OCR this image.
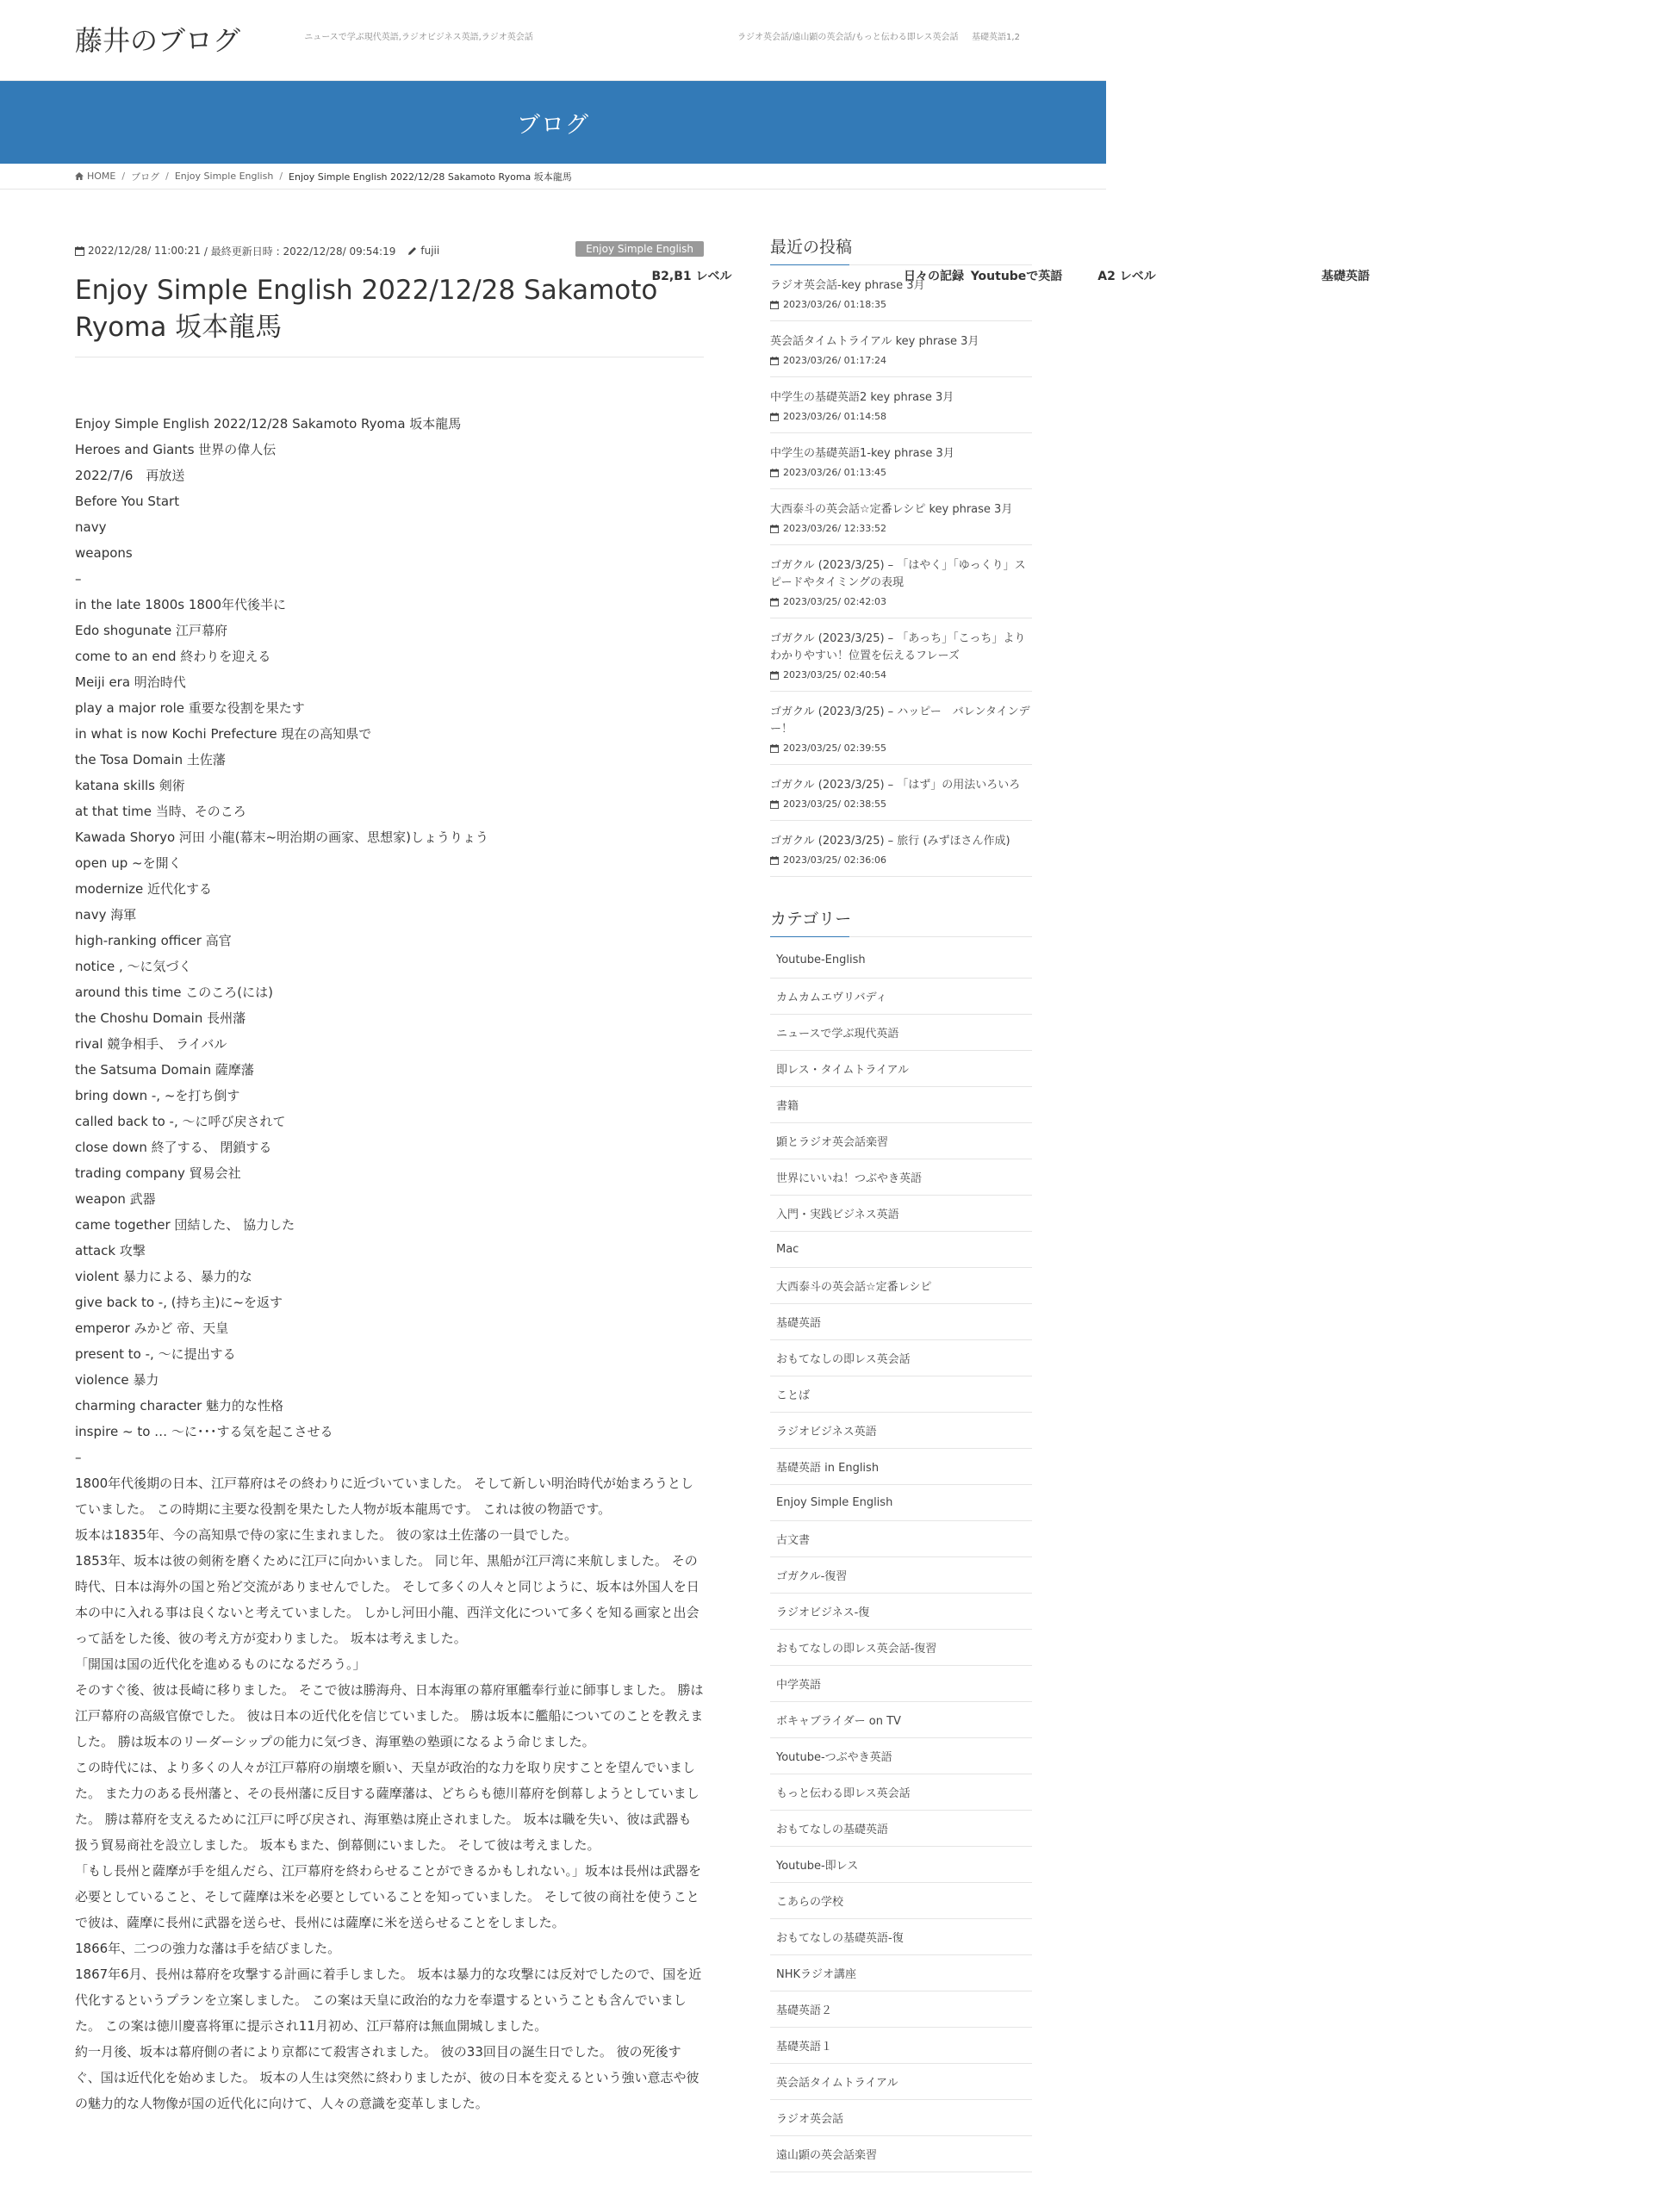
藤井のブログ
B2,B1 レベル
ニュースで学ぶ現代英語,ラジオビジネス英語,ラジオ英会話
日々の記録 Youtubeで英語	A2 レベル
ラジオ英会話/遠山顕の英会話/もっと伝わる即レス英会話
基礎英語
基礎英語1,2
ブログ
HOME / ブログ / Enjoy Simple English / Enjoy Simple English 2022/12/28 Sakamoto Ryoma 坂本龍馬
2022/12/28/ 11:00:21 / 最終更新日時 : 2022/12/28/ 09:54:19 fujii	Enjoy Simple English
Enjoy Simple English 2022/12/28 Sakamoto Ryoma 坂本龍馬
Enjoy Simple English 2022/12/28 Sakamoto Ryoma 坂本龍馬
Heroes and Giants 世界の偉人伝
2022/7/6　再放送
Before You Start
navy
weapons
–
in the late 1800s 1800年代後半に
Edo shogunate 江戸幕府
come to an end 終わりを迎える
Meiji era 明治時代
play a major role 重要な役割を果たす
in what is now Kochi Prefecture 現在の高知県で
the Tosa Domain 土佐藩
katana skills 剣術
at that time 当時、そのころ
Kawada Shoryo 河田 小龍(幕末~明治期の画家、思想家)しょうりょう
open up ~を開く
modernize 近代化する
navy 海軍
high-ranking officer 高官
notice , ～に気づく
around this time このころ(には)
the Choshu Domain 長州藩
rival 競争相手、 ライバル
the Satsuma Domain 薩摩藩
bring down -, ~を打ち倒す
called back to -, ～に呼び戻されて
close down 終了する、 閉鎖する
trading company 貿易会社
weapon 武器
came together 団結した、 協力した
attack 攻撃
violent 暴力による、暴力的な
give back to -, (持ち主)に~を返す
emperor みかど 帝、天皇
present to -, ～に提出する
violence 暴力
charming character 魅力的な性格
inspire ~ to … ～に･･･する気を起こさせる
–

1800年代後期の日本、江戸幕府はその終わりに近づいていました。 そして新しい明治時代が始まろうとしていました。 この時期に主要な役割を果たした人物が坂本龍馬です。 これは彼の物語です。

坂本は1835年、今の高知県で侍の家に生まれました。 彼の家は土佐藩の一員でした。

1853年、坂本は彼の剣術を磨くために江戸に向かいました。 同じ年、黒船が江戸湾に来航しました。 その時代、日本は海外の国と殆ど交流がありませんでした。 そして多くの人々と同じように、坂本は外国人を日本の中に入れる事は良くないと考えていました。 しかし河田小龍、西洋文化について多くを知る画家と出会って話をした後、彼の考え方が変わりました。 坂本は考えました。

「開国は国の近代化を進めるものになるだろう。」

そのすぐ後、彼は長崎に移りました。 そこで彼は勝海舟、日本海軍の幕府軍艦奉行並に師事しました。 勝は江戸幕府の高級官僚でした。 彼は日本の近代化を信じていました。 勝は坂本に艦船についてのことを教えました。 勝は坂本のリーダーシップの能力に気づき、海軍塾の塾頭になるよう命じました。

この時代には、より多くの人々が江戸幕府の崩壊を願い、天皇が政治的な力を取り戻すことを望んでいました。 また力のある長州藩と、その長州藩に反目する薩摩藩は、どちらも徳川幕府を倒幕しようとしていました。 勝は幕府を支えるために江戸に呼び戻され、海軍塾は廃止されました。 坂本は職を失い、彼は武器も扱う貿易商社を設立しました。 坂本もまた、倒幕側にいました。 そして彼は考えました。

「もし長州と薩摩が手を組んだら、江戸幕府を終わらせることができるかもしれない。」坂本は長州は武器を必要としていること、そして薩摩は米を必要としていることを知っていました。 そして彼の商社を使うことで彼は、薩摩に長州に武器を送らせ、長州には薩摩に米を送らせることをしました。

1866年、二つの強力な藩は手を結びました。

1867年6月、長州は幕府を攻撃する計画に着手しました。 坂本は暴力的な攻撃には反対でしたので、国を近代化するというプランを立案しました。 この案は天皇に政治的な力を奉還するということも含んでいました。 この案は徳川慶喜将軍に提示され11月初め、江戸幕府は無血開城しました。

約一月後、坂本は幕府側の者により京都にて殺害されました。 彼の33回目の誕生日でした。 彼の死後すぐ、国は近代化を始めました。 坂本の人生は突然に終わりましたが、彼の日本を変えるという強い意志や彼の魅力的な人物像が国の近代化に向けて、人々の意識を変革しました。

最近の投稿
ラジオ英会話-key phrase 3月
2023/03/26/ 01:18:35
英会話タイムトライアル key phrase 3月
2023/03/26/ 01:17:24
中学生の基礎英語2 key phrase 3月
2023/03/26/ 01:14:58
中学生の基礎英語1-key phrase 3月
2023/03/26/ 01:13:45
大西泰斗の英会話☆定番レシピ key phrase 3月
2023/03/26/ 12:33:52
ゴガクル (2023/3/25) – 「はやく」「ゆっくり」スピードやタイミングの表現
2023/03/25/ 02:42:03
ゴガクル (2023/3/25) – 「あっち」「こっち」よりわかりやすい！位置を伝えるフレーズ
2023/03/25/ 02:40:54
ゴガクル (2023/3/25) – ハッピー　バレンタインデー！
2023/03/25/ 02:39:55
ゴガクル (2023/3/25) – 「はず」の用法いろいろ
2023/03/25/ 02:38:55
ゴガクル (2023/3/25) – 旅行 (みずほさん作成)
2023/03/25/ 02:36:06
カテゴリー
Youtube-English
カムカムエヴリバディ
ニュースで学ぶ現代英語
即レス・タイムトライアル
書籍
顕とラジオ英会話楽習
世界にいいね！つぶやき英語
入門・実践ビジネス英語
Mac
大西泰斗の英会話☆定番レシピ
基礎英語
おもてなしの即レス英会話
ことば
ラジオビジネス英語
基礎英語 in English
Enjoy Simple English
古文書
ゴガクル-復習
ラジオビジネス-復
おもてなしの即レス英会話-復習
中学英語
ボキャブライダー on TV
Youtube-つぶやき英語
もっと伝わる即レス英会話
おもてなしの基礎英語
Youtube-即レス
こあらの学校
おもてなしの基礎英語-復
NHKラジオ講座
基礎英語２
基礎英語１
英会話タイムトライアル
ラジオ英会話
遠山顕の英会話楽習
